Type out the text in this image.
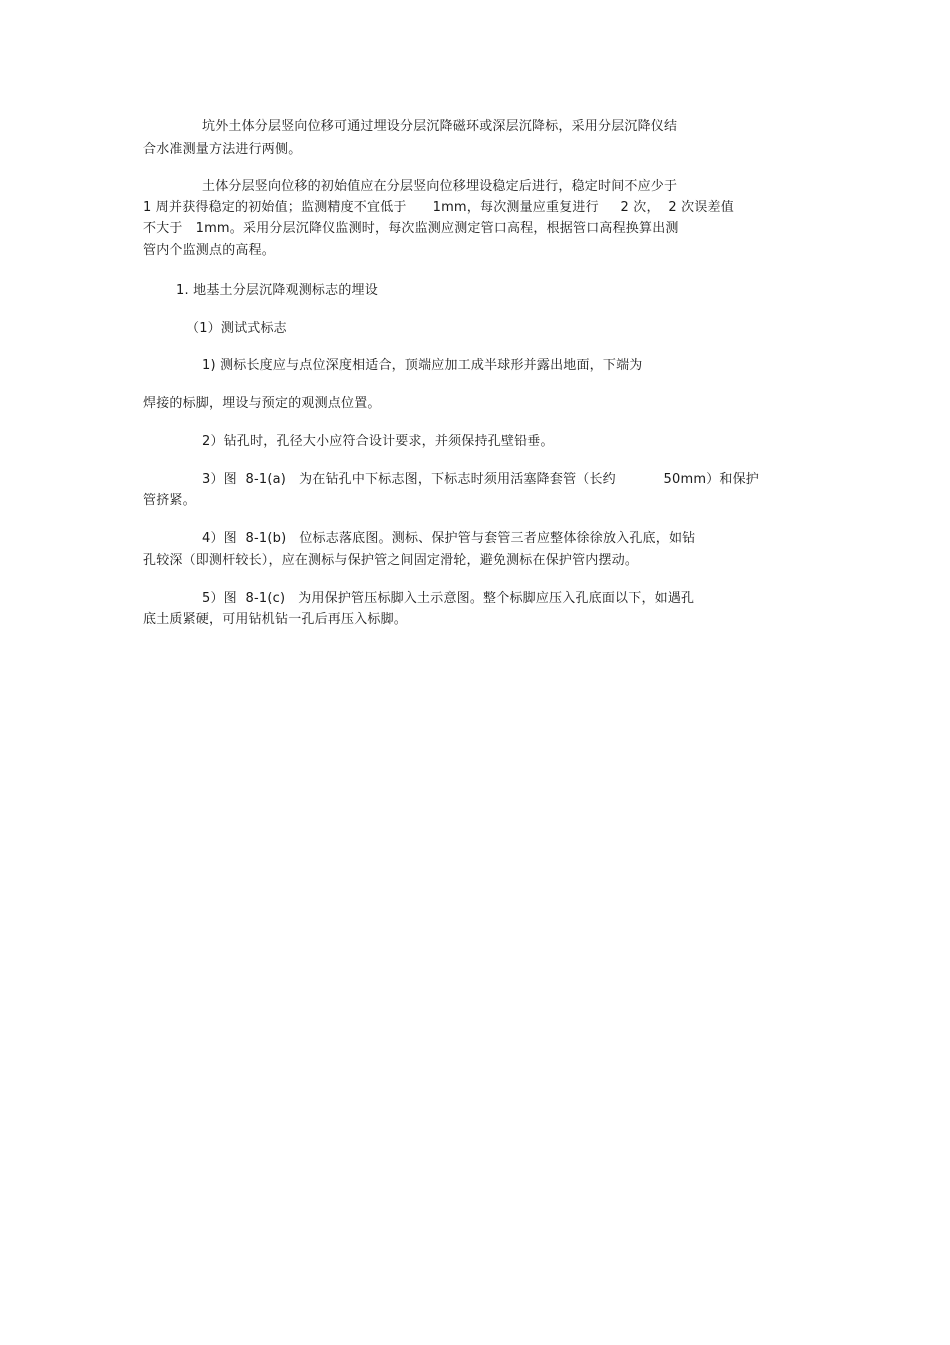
坑外土体分层竖向位移可通过埋设分层沉降磁环或深层沉降标，采用分层沉降仪结
合水准测量方法进行两侧。
土体分层竖向位移的初始值应在分层竖向位移埋设稳定后进行，稳定时间不应少于
1 周并获得稳定的初始值；监测精度不宜低于      1mm，每次测量应重复进行     2 次，  2 次误差值
不大于   1mm。采用分层沉降仪监测时，每次监测应测定管口高程，根据管口高程换算出测
管内个监测点的高程。
1. 地基土分层沉降观测标志的埋设
（1）测试式标志
1) 测标长度应与点位深度相适合，顶端应加工成半球形并露出地面，下端为
焊接的标脚，埋设与预定的观测点位置。
2）钻孔时，孔径大小应符合设计要求，并须保持孔壁铅垂。
3）图  8-1(a)   为在钻孔中下标志图，下标志时须用活塞降套管（长约           50mm）和保护
管挤紧。
4）图  8-1(b)   位标志落底图。测标、保护管与套管三者应整体徐徐放入孔底，如钻
孔较深（即测杆较长），应在测标与保护管之间固定滑轮，避免测标在保护管内摆动。
5）图  8-1(c)   为用保护管压标脚入土示意图。整个标脚应压入孔底面以下，如遇孔
底土质紧硬，可用钻机钻一孔后再压入标脚。
